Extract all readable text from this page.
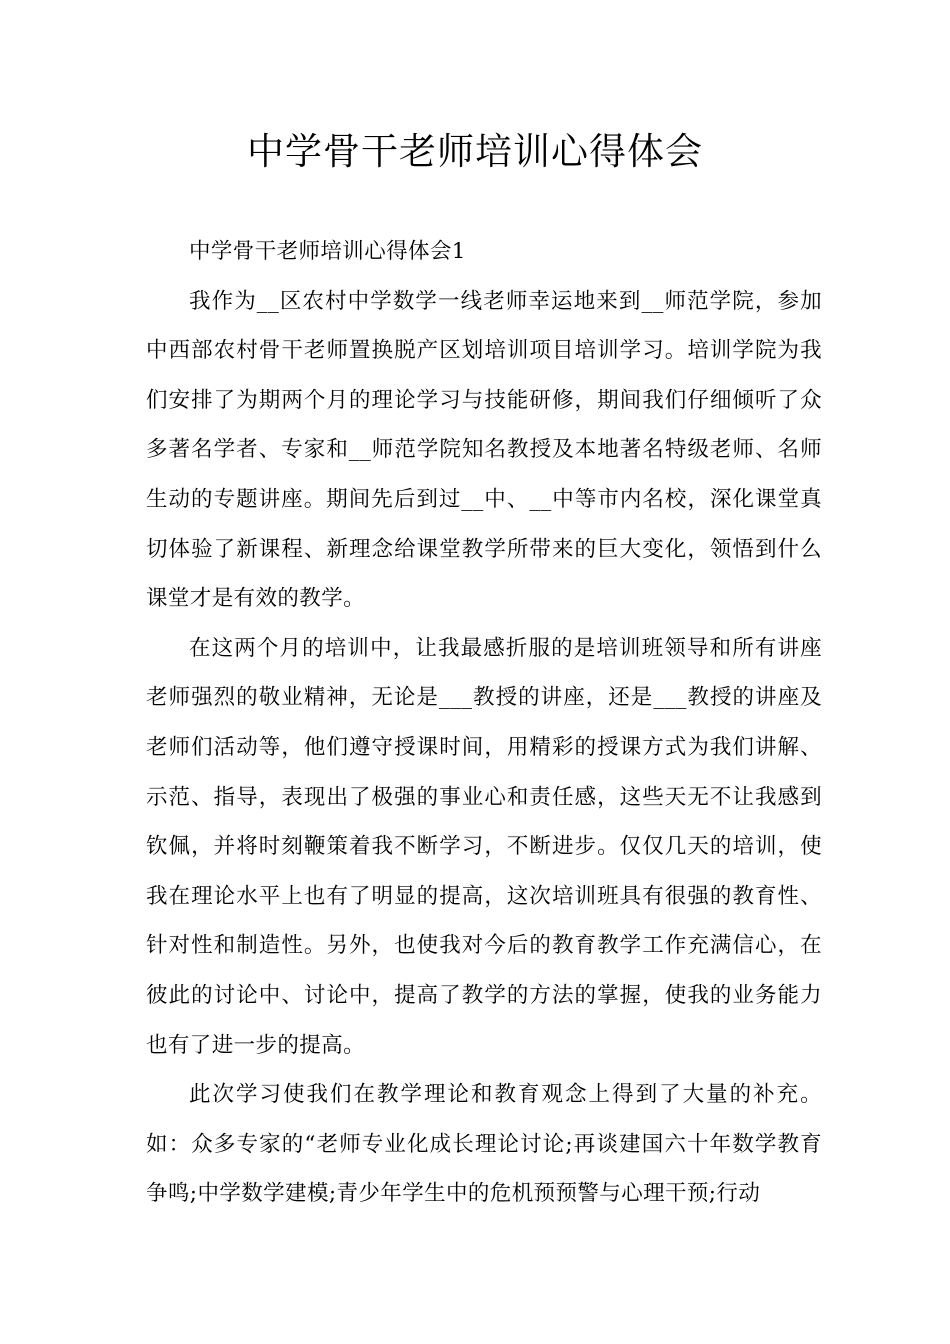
中学骨干老师培训心得体会

中学骨干老师培训心得体会1

我作为__区农村中学数学一线老师幸运地来到__师范学院，参加中西部农村骨干老师置换脱产区划培训项目培训学习。培训学院为我们安排了为期两个月的理论学习与技能研修，期间我们仔细倾听了众多著名学者、专家和__师范学院知名教授及本地著名特级老师、名师生动的专题讲座。期间先后到过__中、__中等市内名校，深化课堂真切体验了新课程、新理念给课堂教学所带来的巨大变化，领悟到什么课堂才是有效的教学。

在这两个月的培训中，让我最感折服的是培训班领导和所有讲座老师强烈的敬业精神，无论是___教授的讲座，还是___教授的讲座及老师们活动等，他们遵守授课时间，用精彩的授课方式为我们讲解、示范、指导，表现出了极强的事业心和责任感，这些天无不让我感到钦佩，并将时刻鞭策着我不断学习，不断进步。仅仅几天的培训，使我在理论水平上也有了明显的提高，这次培训班具有很强的教育性、针对性和制造性。另外，也使我对今后的教育教学工作充满信心，在彼此的讨论中、讨论中，提高了教学的方法的掌握，使我的业务能力也有了进一步的提高。

此次学习使我们在教学理论和教育观念上得到了大量的补充。如：众多专家的“老师专业化成长理论讨论;再谈建国六十年数学教育争鸣;中学数学建模;青少年学生中的危机预预警与心理干预;行动
